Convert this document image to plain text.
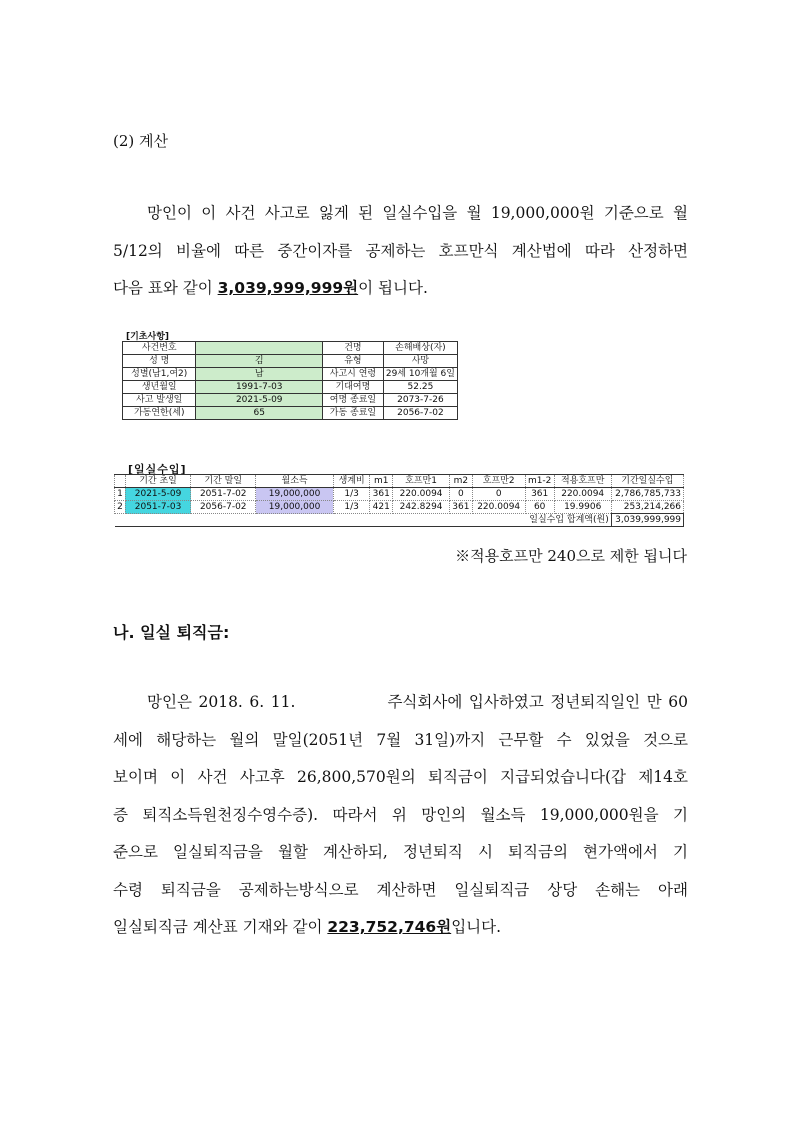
(2) 계산
망인이 이 사건 사고로 잃게 된 일실수입을 월 19,000,000원 기준으로 월
5/12의 비율에 따른 중간이자를 공제하는 호프만식 계산법에 따라 산정하면
다음 표와 같이 3,039,999,999원이 됩니다.
[기초사항]
사건번호		건명	손해배상(자)
성 명	김	유형	사망
성별(남1,여2)	남	사고시 연령	29세 10개월 6일
생년월일	1991-7-03	기대여명	52.25
사고 발생일	2021-5-09	여명 종료일	2073-7-26
가동연한(세)	65	가동 종료일	2056-7-02
[일실수입]
	기간 초일	기간 말일	월소득	생계비	m1	호프만1	m2	호프만2	m1-2	적용호프만	기간일실수입
1	2021-5-09	2051-7-02	19,000,000	1/3	361	220.0094	0	0	361	220.0094	2,786,785,733
2	2051-7-03	2056-7-02	19,000,000	1/3	421	242.8294	361	220.0094	60	19.9906	253,214,266
일실수입 합계액(원)											3,039,999,999
※적용호프만 240으로 제한 됩니다
나. 일실 퇴직금:
망인은 2018. 6. 11.              주식회사에 입사하였고 정년퇴직일인 만 60
세에 해당하는 월의 말일(2051년 7월 31일)까지 근무할 수 있었을 것으로
보이며 이 사건 사고후 26,800,570원의 퇴직금이 지급되었습니다(갑 제14호
증 퇴직소득원천징수영수증). 따라서 위 망인의 월소득 19,000,000원을 기
준으로 일실퇴직금을 월할 계산하되, 정년퇴직 시 퇴직금의 현가액에서 기
수령 퇴직금을 공제하는방식으로 계산하면 일실퇴직금 상당 손해는 아래
일실퇴직금 계산표 기재와 같이 223,752,746원입니다.
